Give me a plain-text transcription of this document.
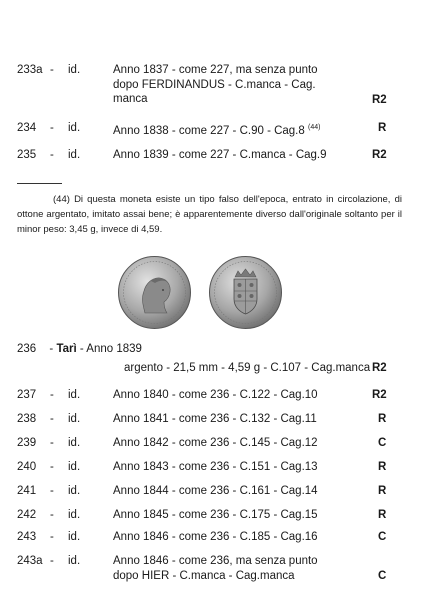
233a - id.	Anno 1837 - come 227, ma senza punto
dopo FERDINANDUS - C.manca - Cag.
manca	R2
234 - id.	Anno 1838 - come 227 - C.90 - Cag.8 $^{(44)}$	R
235 - id.	Anno 1839 - come 227 - C.manca - Cag.9	R2
(44) Di questa moneta esiste un tipo falso dell'epoca, entrato in circolazione, di ottone argentato, imitato assai bene; è apparentemente diverso dall'originale soltanto per il minor peso: 3,45 g, invece di 4,59.
236 - Tarì - Anno 1839
argento - 21,5 mm - 4,59 g - C.107 - Cag.manca R2
237 - id.	Anno 1840 - come 236 - C.122 - Cag.10	R2
238 - id.	Anno 1841 - come 236 - C.132 - Cag.11	R
239 - id.	Anno 1842 - come 236 - C.145 - Cag.12	C
240 - id.	Anno 1843 - come 236 - C.151 - Cag.13	R
241 - id.	Anno 1844 - come 236 - C.161 - Cag.14	R
242 - id.	Anno 1845 - come 236 - C.175 - Cag.15	R
243 - id.	Anno 1846 - come 236 - C.185 - Cag.16	C
243a - id.	Anno 1846 - come 236, ma senza punto
dopo HIER - C.manca - Cag.manca	C
